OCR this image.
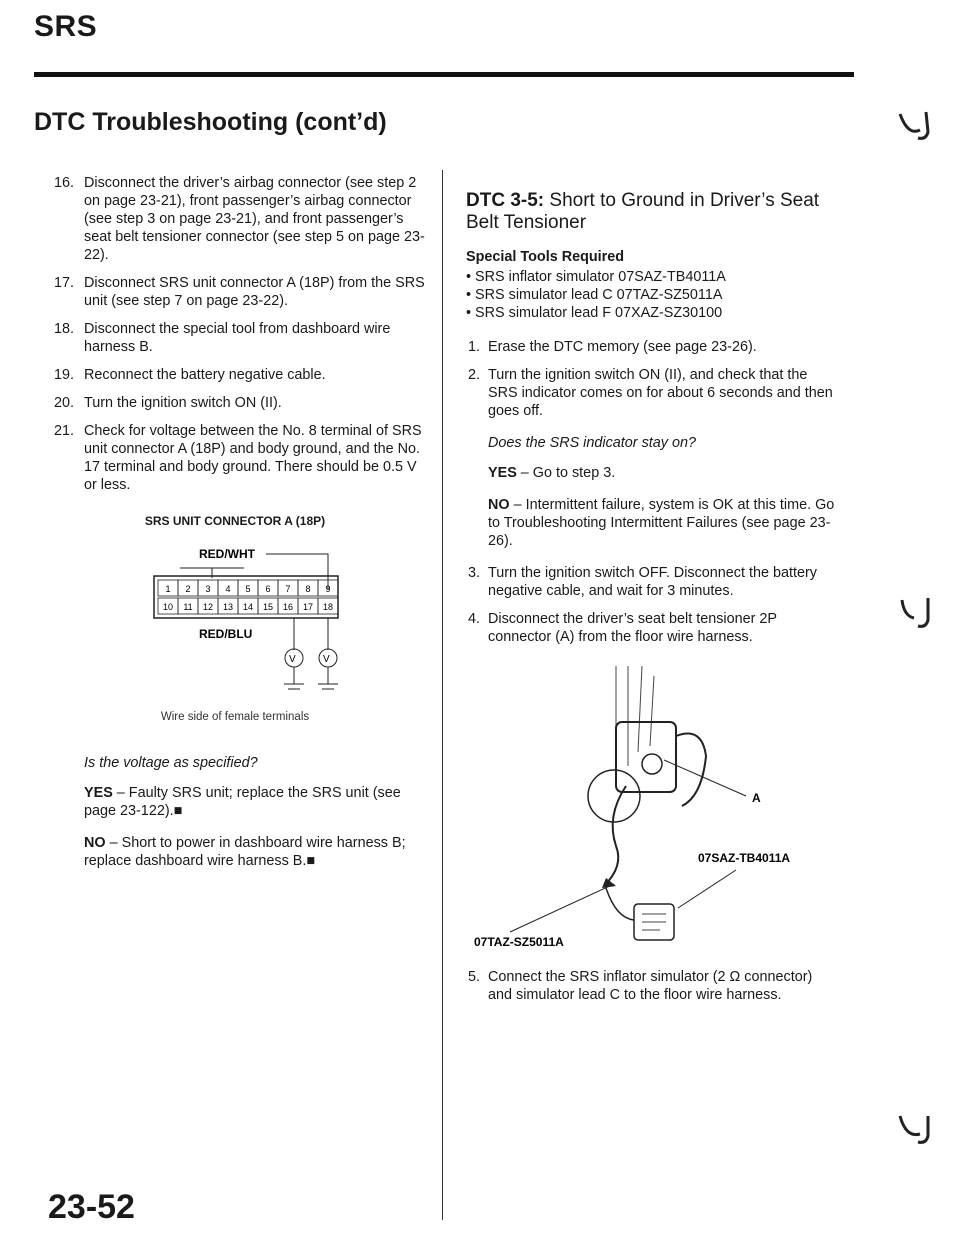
SRS
DTC Troubleshooting (cont’d)
16. Disconnect the driver’s airbag connector (see step 2 on page 23-21), front passenger’s airbag connector (see step 3 on page 23-21), and front passenger’s seat belt tensioner connector (see step 5 on page 23-22).
17. Disconnect SRS unit connector A (18P) from the SRS unit (see step 7 on page 23-22).
18. Disconnect the special tool from dashboard wire harness B.
19. Reconnect the battery negative cable.
20. Turn the ignition switch ON (II).
21. Check for voltage between the No. 8 terminal of SRS unit connector A (18P) and body ground, and the No. 17 terminal and body ground. There should be 0.5 V or less.
SRS UNIT CONNECTOR A (18P)
RED/WHT
1 2 3 4 5 6 7 8 9
10 11 12 13 14 15 16 17 18
RED/BLU
V	V
Wire side of female terminals
Is the voltage as specified?
YES – Faulty SRS unit; replace the SRS unit (see page 23-122).■
NO – Short to power in dashboard wire harness B; replace dashboard wire harness B.■
DTC 3-5: Short to Ground in Driver’s Seat Belt Tensioner
Special Tools Required
• SRS inflator simulator 07SAZ-TB4011A
• SRS simulator lead C 07TAZ-SZ5011A
• SRS simulator lead F 07XAZ-SZ30100
1. Erase the DTC memory (see page 23-26).
2. Turn the ignition switch ON (II), and check that the SRS indicator comes on for about 6 seconds and then goes off.
Does the SRS indicator stay on?
YES – Go to step 3.
NO – Intermittent failure, system is OK at this time. Go to Troubleshooting Intermittent Failures (see page 23-26).
3. Turn the ignition switch OFF. Disconnect the battery negative cable, and wait for 3 minutes.
4. Disconnect the driver’s seat belt tensioner 2P connector (A) from the floor wire harness.
A
07SAZ-TB4011A
07TAZ-SZ5011A
5. Connect the SRS inflator simulator (2 Ω connector) and simulator lead C to the floor wire harness.
23-52
